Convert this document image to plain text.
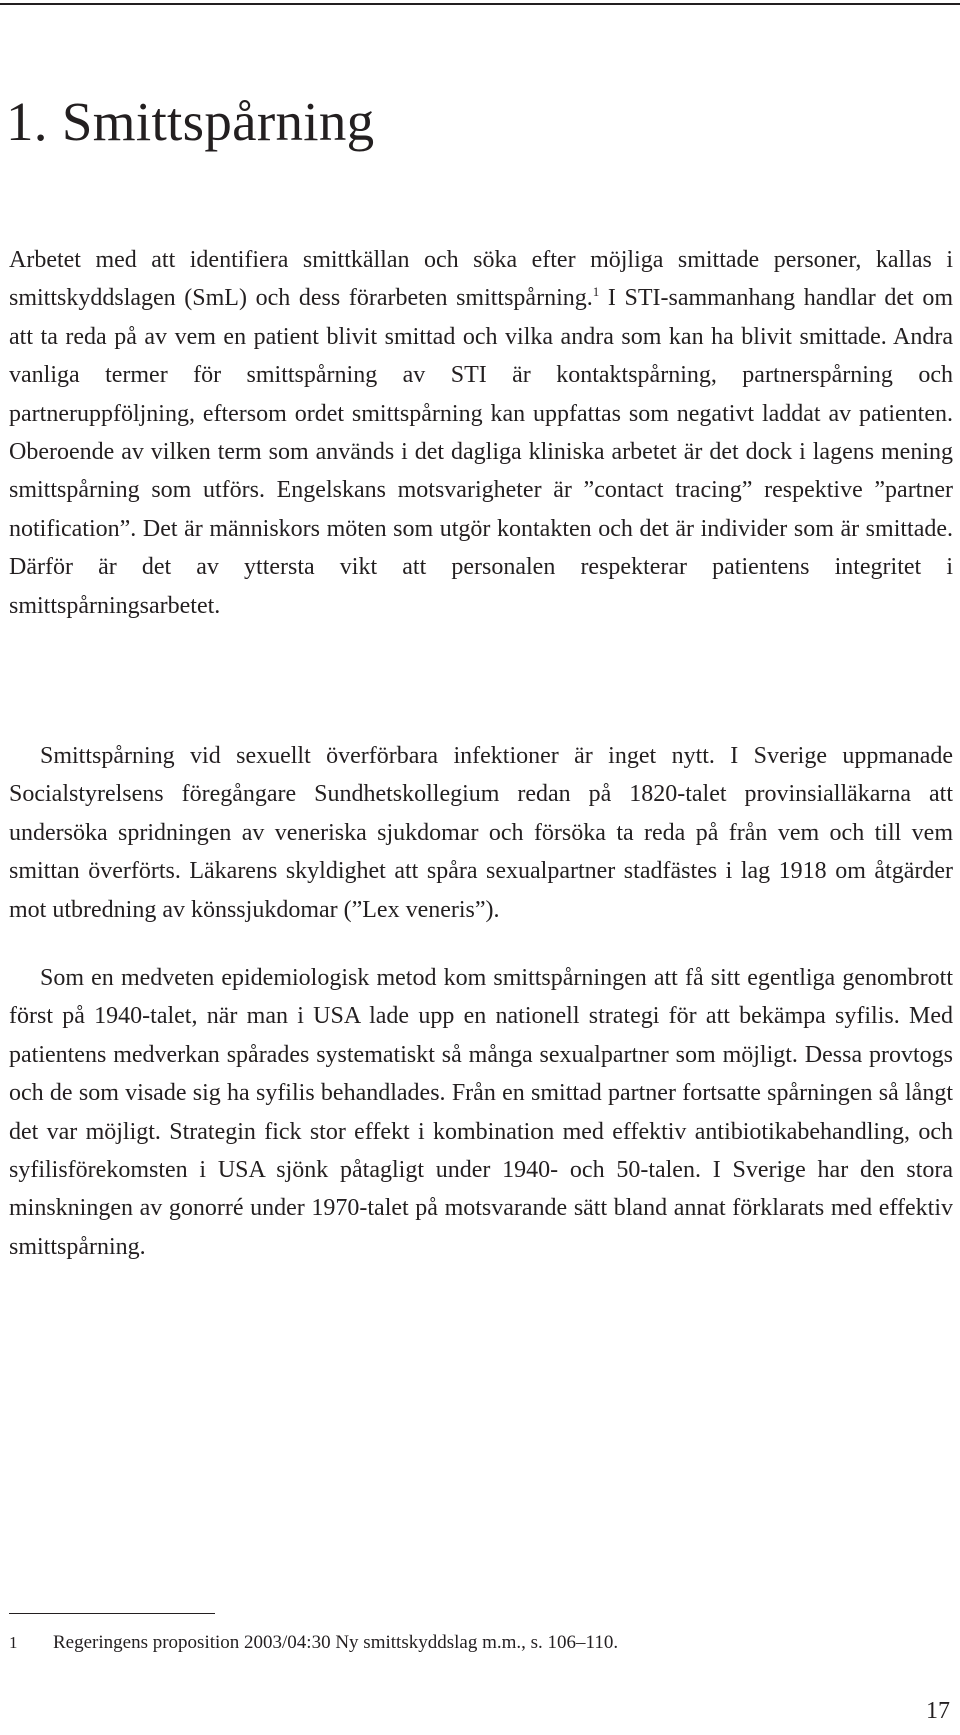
1. Smittspårning

Arbetet med att identifiera smittkällan och söka efter möjliga smittade personer, kallas i smittskyddslagen (SmL) och dess förarbeten smittspårning.$^1$ I STI-sammanhang handlar det om att ta reda på av vem en patient blivit smittad och vilka andra som kan ha blivit smittade. Andra vanliga termer för smittspårning av STI är kontaktspårning, partnerspårning och partneruppföljning, eftersom ordet smittspårning kan uppfattas som negativt laddat av patienten. Oberoende av vilken term som används i det dagliga kliniska arbetet är det dock i lagens mening smittspårning som utförs. Engelskans motsvarigheter är ”contact tracing” respektive ”partner notification”. Det är människors möten som utgör kontakten och det är individer som är smittade. Därför är det av yttersta vikt att personalen respekterar patientens integritet i smittspårningsarbetet.

Smittspårning vid sexuellt överförbara infektioner är inget nytt. I Sverige uppmanade Socialstyrelsens föregångare Sundhetskollegium redan på 1820-talet provinsialläkarna att undersöka spridningen av veneriska sjukdomar och försöka ta reda på från vem och till vem smittan överförts. Läkarens skyldighet att spåra sexualpartner stadfästes i lag 1918 om åtgärder mot utbredning av könssjukdomar (”Lex veneris”).

Som en medveten epidemiologisk metod kom smittspårningen att få sitt egentliga genombrott först på 1940-talet, när man i USA lade upp en nationell strategi för att bekämpa syfilis. Med patientens medverkan spårades systematiskt så många sexualpartner som möjligt. Dessa provtogs och de som visade sig ha syfilis behandlades. Från en smittad partner fortsatte spårningen så långt det var möjligt. Strategin fick stor effekt i kombination med effektiv antibiotikabehandling, och syfilisförekomsten i USA sjönk påtagligt under 1940- och 50-talen. I Sverige har den stora minskningen av gonorré under 1970-talet på motsvarande sätt bland annat förklarats med effektiv smittspårning.

1 Regeringens proposition 2003/04:30 Ny smittskyddslag m.m., s. 106–110.

17
